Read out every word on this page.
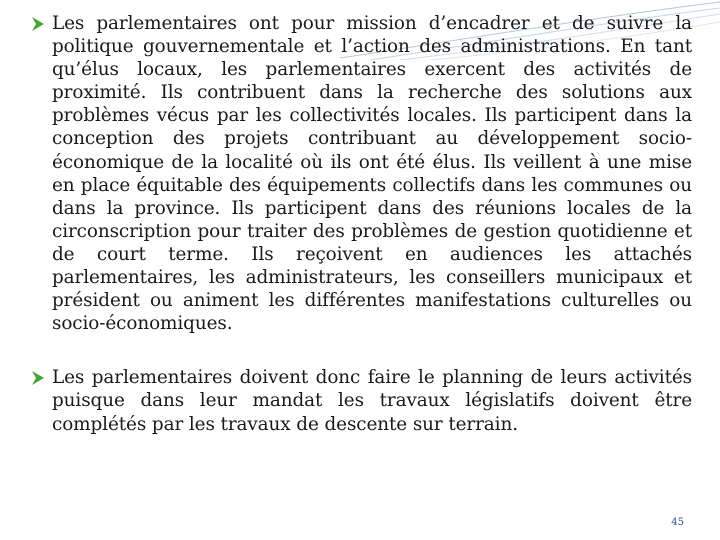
Les parlementaires ont pour mission d’encadrer et de suivre la politique gouvernementale et l’action des administrations. En tant qu’élus locaux, les parlementaires exercent des activités de proximité. Ils contribuent dans la recherche des solutions aux problèmes vécus par les collectivités locales. Ils participent dans la conception des projets contribuant au développement socio-économique de la localité où ils ont été élus. Ils veillent à une mise en place équitable des équipements collectifs dans les communes ou dans la province. Ils participent dans des réunions locales de la circonscription pour traiter des problèmes de gestion quotidienne et de court terme. Ils reçoivent en audiences les attachés parlementaires, les administrateurs, les conseillers municipaux et président ou animent les différentes manifestations culturelles ou socio-économiques.
Les parlementaires doivent donc faire le planning de leurs activités puisque dans leur mandat les travaux législatifs doivent être complétés par les travaux de descente sur terrain.
45
